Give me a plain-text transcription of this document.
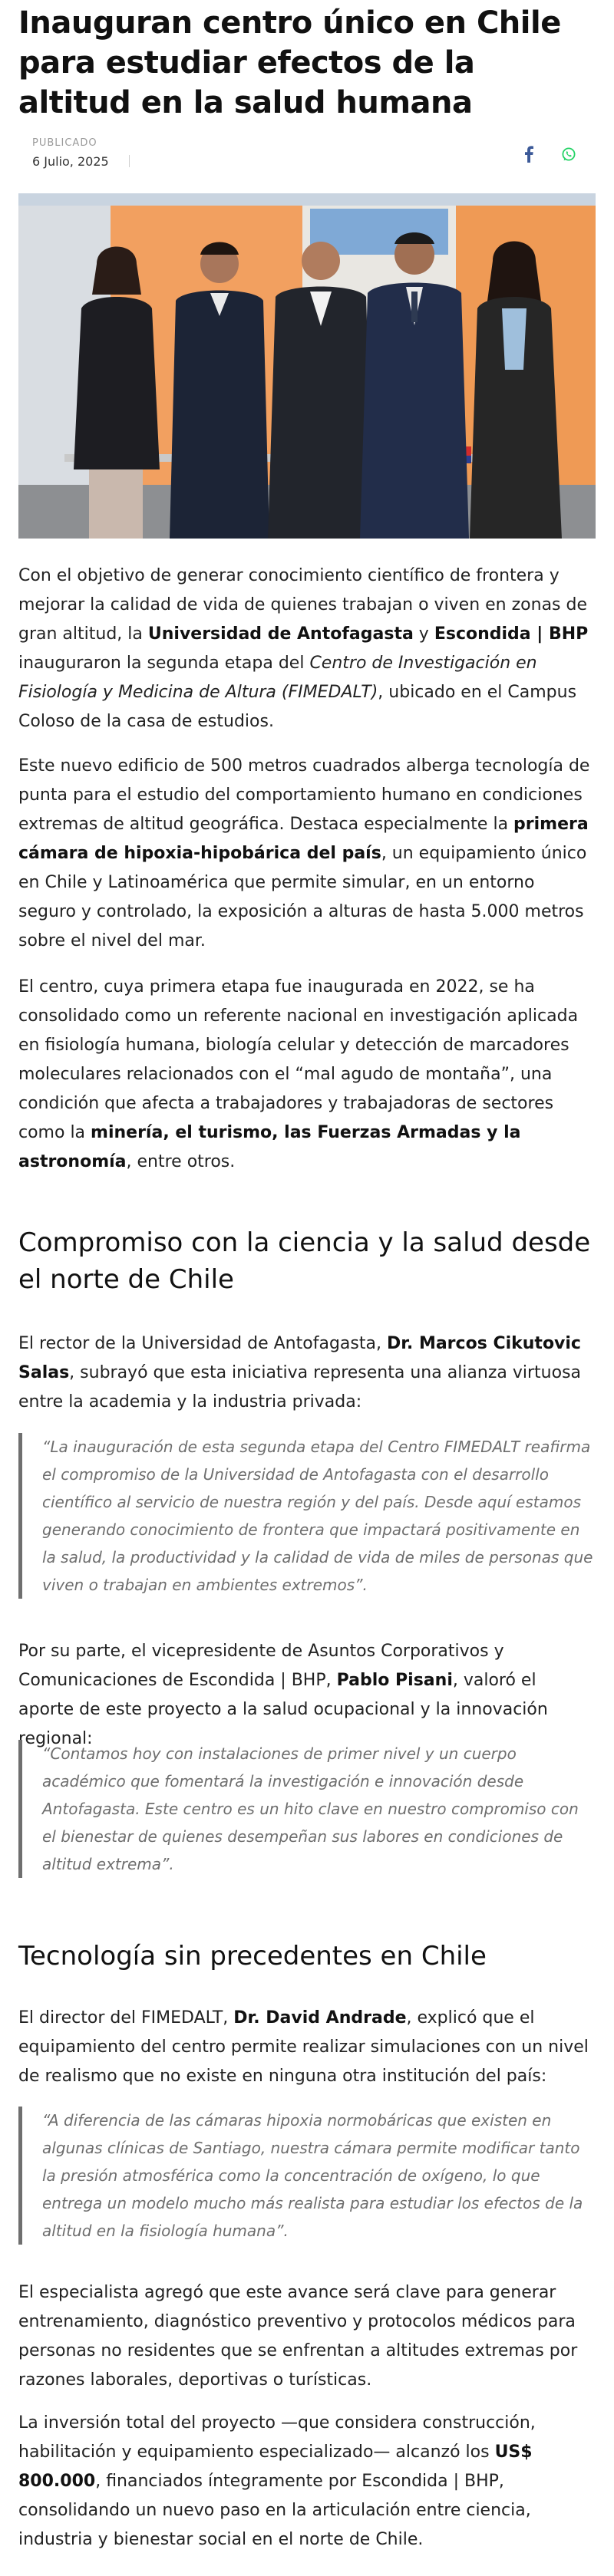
Inauguran centro único en Chile para estudiar efectos de la altitud en la salud humana
PUBLICADO
6 Julio, 2025

Con el objetivo de generar conocimiento científico de frontera y mejorar la calidad de vida de quienes trabajan o viven en zonas de gran altitud, la Universidad de Antofagasta y Escondida | BHP inauguraron la segunda etapa del Centro de Investigación en Fisiología y Medicina de Altura (FIMEDALT), ubicado en el Campus Coloso de la casa de estudios.

Este nuevo edificio de 500 metros cuadrados alberga tecnología de punta para el estudio del comportamiento humano en condiciones extremas de altitud geográfica. Destaca especialmente la primera cámara de hipoxia-hipobárica del país, un equipamiento único en Chile y Latinoamérica que permite simular, en un entorno seguro y controlado, la exposición a alturas de hasta 5.000 metros sobre el nivel del mar.

El centro, cuya primera etapa fue inaugurada en 2022, se ha consolidado como un referente nacional en investigación aplicada en fisiología humana, biología celular y detección de marcadores moleculares relacionados con el “mal agudo de montaña”, una condición que afecta a trabajadores y trabajadoras de sectores como la minería, el turismo, las Fuerzas Armadas y la astronomía, entre otros.

Compromiso con la ciencia y la salud desde el norte de Chile

El rector de la Universidad de Antofagasta, Dr. Marcos Cikutovic Salas, subrayó que esta iniciativa representa una alianza virtuosa entre la academia y la industria privada:

“La inauguración de esta segunda etapa del Centro FIMEDALT reafirma el compromiso de la Universidad de Antofagasta con el desarrollo científico al servicio de nuestra región y del país. Desde aquí estamos generando conocimiento de frontera que impactará positivamente en la salud, la productividad y la calidad de vida de miles de personas que viven o trabajan en ambientes extremos”.

Por su parte, el vicepresidente de Asuntos Corporativos y Comunicaciones de Escondida | BHP, Pablo Pisani, valoró el aporte de este proyecto a la salud ocupacional y la innovación regional:

“Contamos hoy con instalaciones de primer nivel y un cuerpo académico que fomentará la investigación e innovación desde Antofagasta. Este centro es un hito clave en nuestro compromiso con el bienestar de quienes desempeñan sus labores en condiciones de altitud extrema”.
Tecnología sin precedentes en Chile

El director del FIMEDALT, Dr. David Andrade, explicó que el equipamiento del centro permite realizar simulaciones con un nivel de realismo que no existe en ninguna otra institución del país:

“A diferencia de las cámaras hipoxia normobáricas que existen en algunas clínicas de Santiago, nuestra cámara permite modificar tanto la presión atmosférica como la concentración de oxígeno, lo que entrega un modelo mucho más realista para estudiar los efectos de la altitud en la fisiología humana”.

El especialista agregó que este avance será clave para generar entrenamiento, diagnóstico preventivo y protocolos médicos para personas no residentes que se enfrentan a altitudes extremas por razones laborales, deportivas o turísticas.

La inversión total del proyecto —que considera construcción, habilitación y equipamiento especializado— alcanzó los US$ 800.000, financiados íntegramente por Escondida | BHP, consolidando un nuevo paso en la articulación entre ciencia, industria y bienestar social en el norte de Chile.
